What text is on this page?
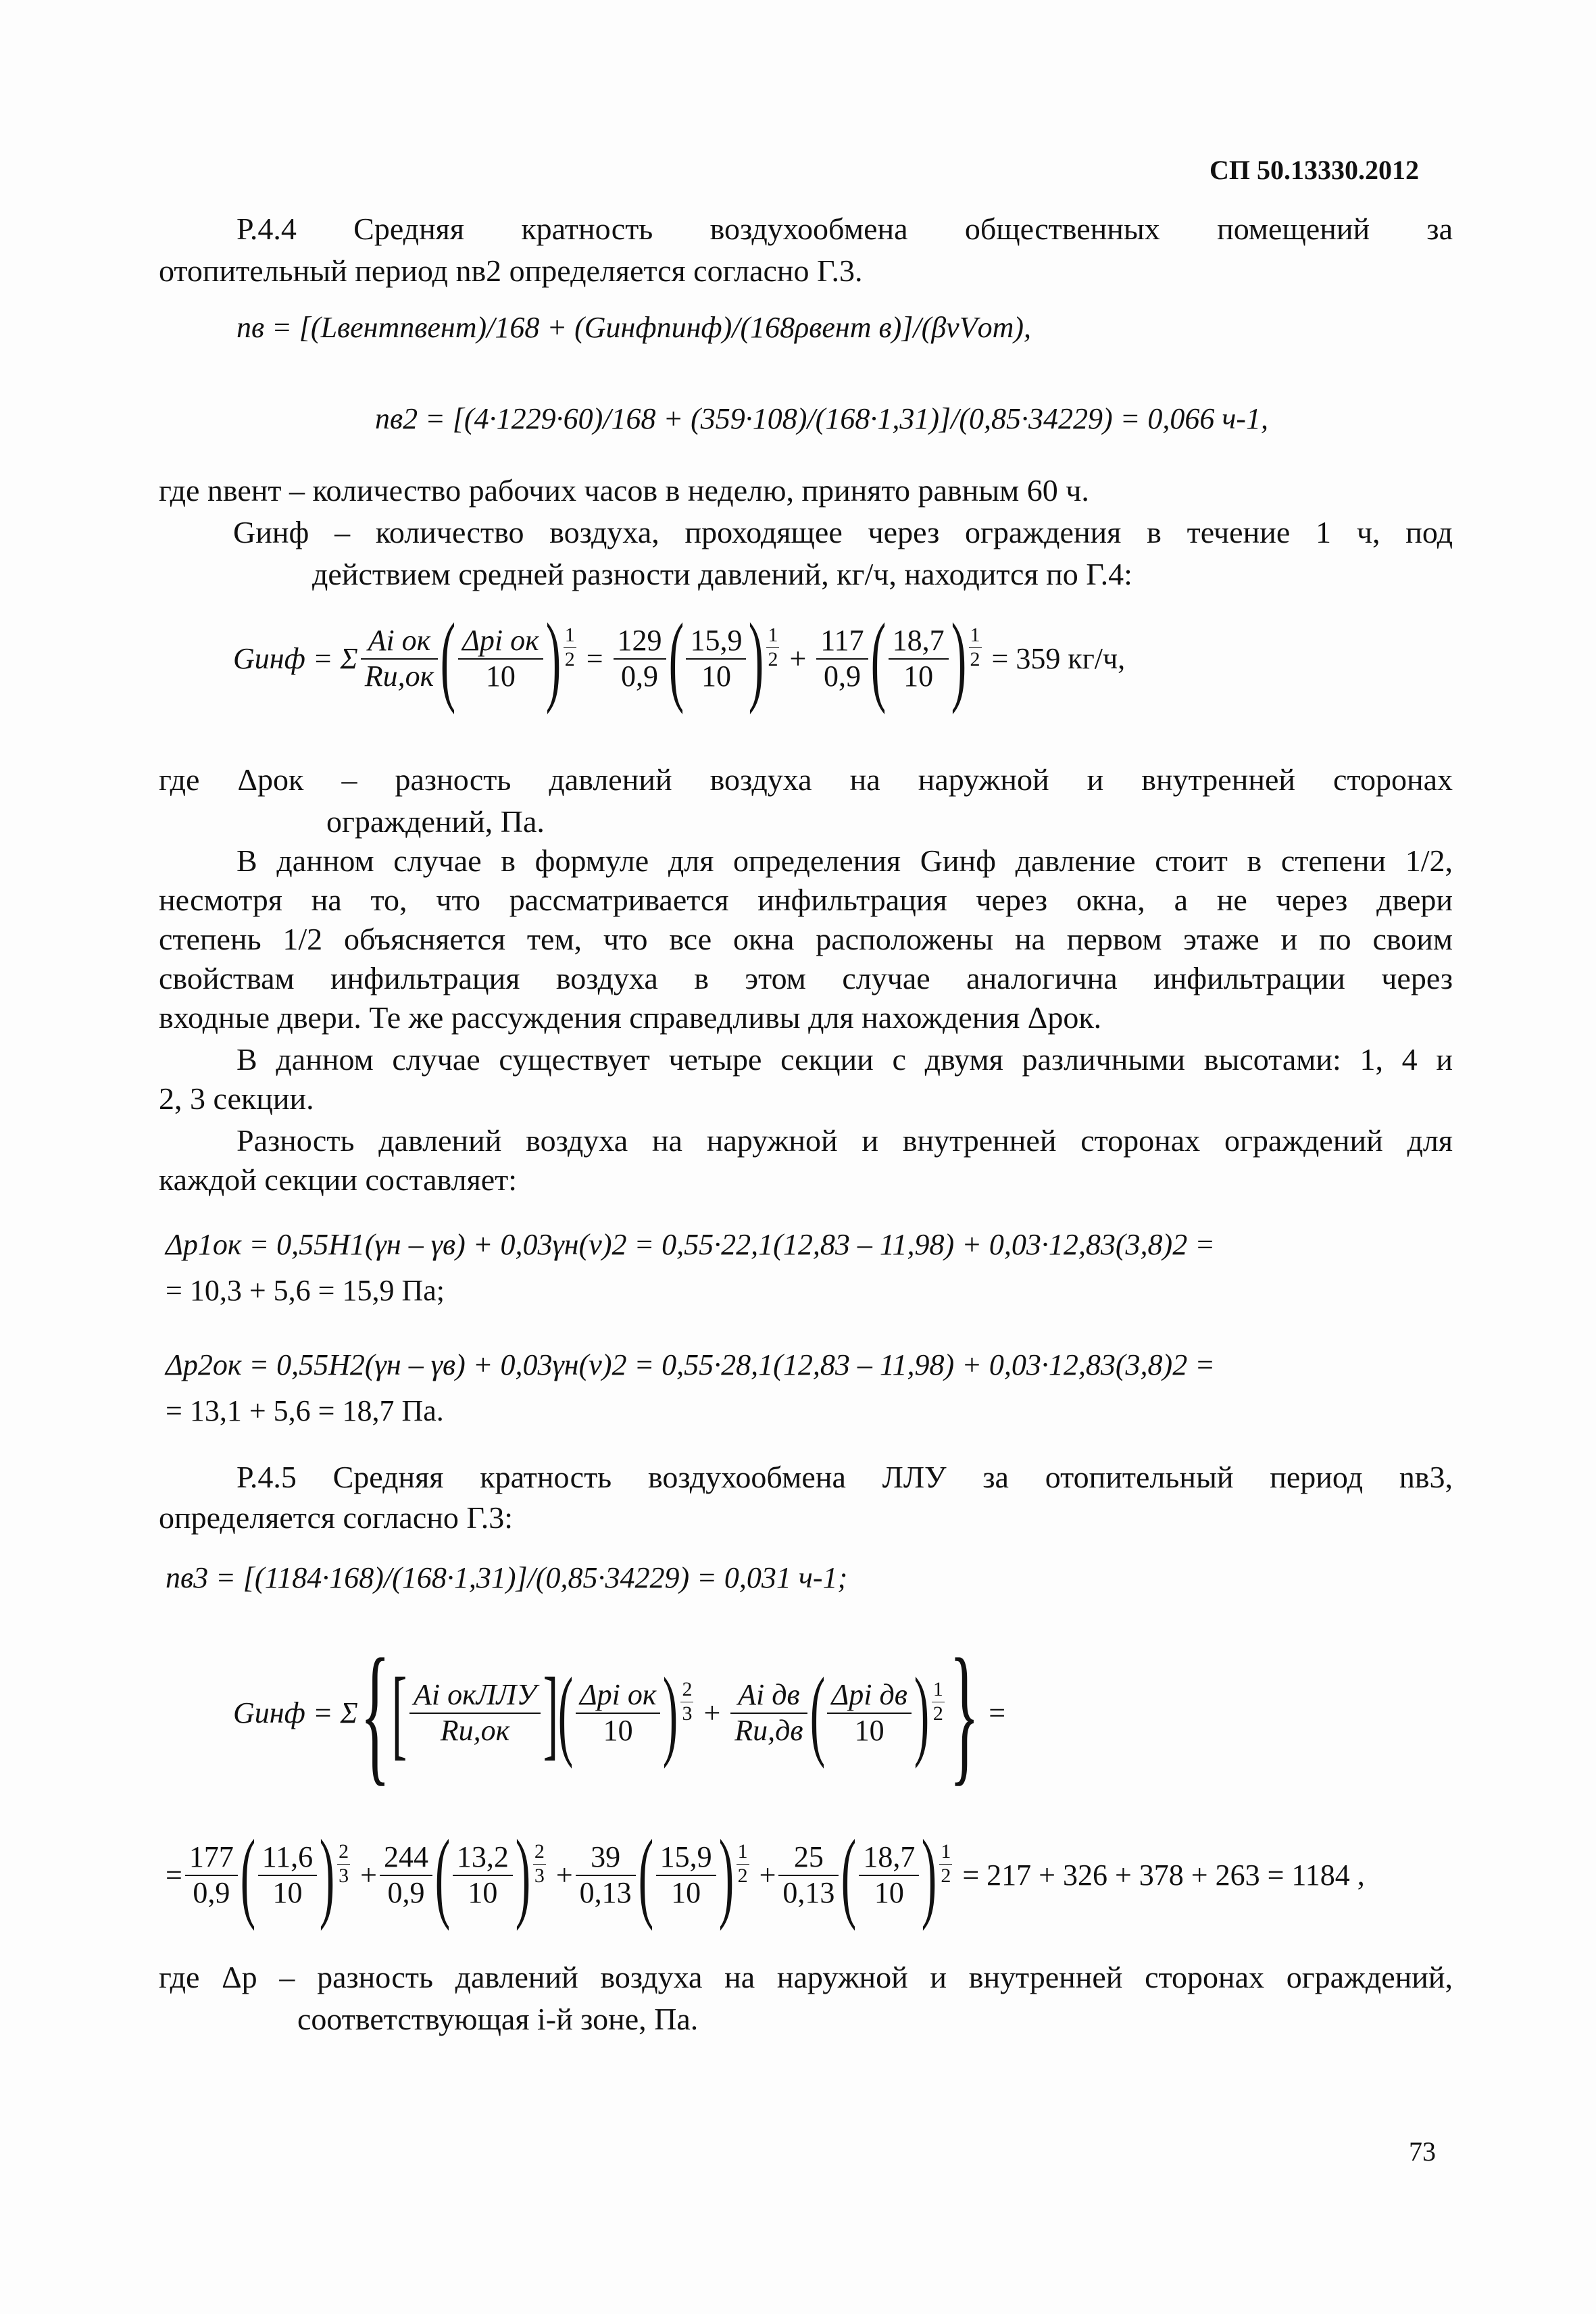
СП 50.13330.2012
Р.4.4 Средняя кратность воздухообмена общественных помещений за
отопительный период nв2 определяется согласно Г.3.
nв = [(Lвентnвент)/168 + (Gинфnинф)/(168ρвент в)]/(βvVот),
nв2 = [(4·1229·60)/168 + (359·108)/(168·1,31)]/(0,85·34229) = 0,066 ч-1,
где nвент – количество рабочих часов в неделю, принято равным 60 ч.
Gинф – количество воздуха, проходящее через ограждения в течение 1 ч, под
действием средней разности давлений, кг/ч, находится по Г.4:
Gинф = Σ
Ai ок
Rи,ок ( Δpi ок
10 ) $\frac{1}{2} = \frac{129}{0,9}$ ( 15,9
10 ) $\frac{1}{2} + \frac{117}{0,9}$ ( 18,7
10 ) $\frac{1}{2}$
= 359 кг/ч,
где Δpок – разность давлений воздуха на наружной и внутренней сторонах
ограждений, Па.
В данном случае в формуле для определения Gинф давление стоит в степени 1/2,
несмотря на то, что рассматривается инфильтрация через окна, а не через двери
степень 1/2 объясняется тем, что все окна расположены на первом этаже и по своим
свойствам инфильтрация воздуха в этом случае аналогична инфильтрации через
входные двери. Те же рассуждения справедливы для нахождения Δpок.
В данном случае существует четыре секции с двумя различными высотами: 1, 4 и
2, 3 секции.
Разность давлений воздуха на наружной и внутренней сторонах ограждений для
каждой секции составляет:
Δp1ок = 0,55H1(γн – γв) + 0,03γн(v)2 = 0,55·22,1(12,83 – 11,98) + 0,03·12,83(3,8)2 =
= 10,3 + 5,6 = 15,9 Па;
Δp2ок = 0,55H2(γн – γв) + 0,03γн(v)2 = 0,55·28,1(12,83 – 11,98) + 0,03·12,83(3,8)2 =
= 13,1 + 5,6 = 18,7 Па.
Р.4.5 Средняя кратность воздухообмена ЛЛУ за отопительный период nв3,
определяется согласно Г.3:
nв3 = [(1184·168)/(168·1,31)]/(0,85·34229) = 0,031 ч-1;
Gинф = Σ { [ Ai окЛЛУ
Rи,ок ] ( Δpi ок
10 ) $\frac{2}{3}$ +
Ai дв
Rи,дв ( Δpi дв
10 ) $\frac{1}{2}$ }
=
= $\frac{177}{0,9}$ ( 11,6
10 ) $\frac{2}{3} + \frac{244}{0,9}$ ( 13,2
10 ) $\frac{2}{3} + \frac{39}{0,13}$ ( 15,9
10 ) $\frac{1}{2} + \frac{25}{0,13}$ ( 18,7
10 ) $\frac{1}{2}$
= 217 + 326 + 378 + 263 = 1184 ,
где Δp – разность давлений воздуха на наружной и внутренней сторонах ограждений,
соответствующая i-й зоне, Па.
73
